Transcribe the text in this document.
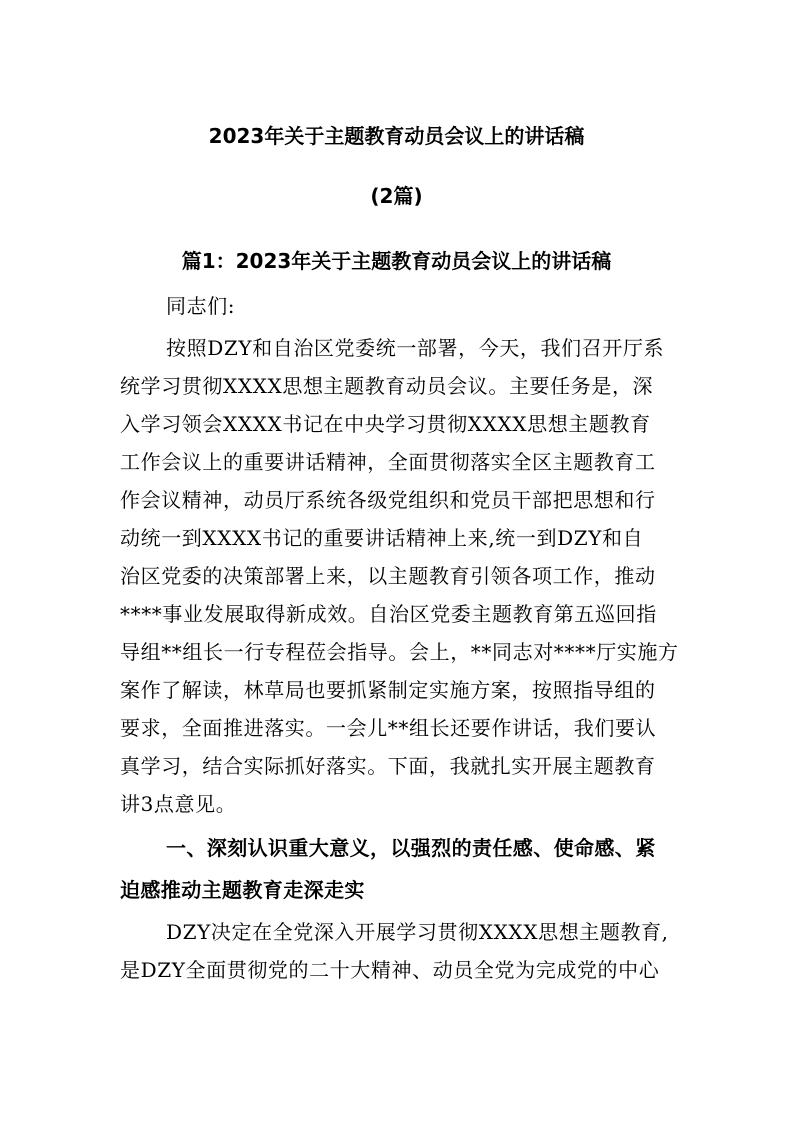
2023年关于主题教育动员会议上的讲话稿
(2篇)
篇1：2023年关于主题教育动员会议上的讲话稿
同志们:
按照DZY和自治区党委统一部署，今天，我们召开厅系
统学习贯彻XXXX思想主题教育动员会议。主要任务是，深
入学习领会XXXX书记在中央学习贯彻XXXX思想主题教育
工作会议上的重要讲话精神，全面贯彻落实全区主题教育工
作会议精神，动员厅系统各级党组织和党员干部把思想和行
动统一到XXXX书记的重要讲话精神上来,统一到DZY和自
治区党委的决策部署上来，以主题教育引领各项工作，推动
****事业发展取得新成效。自治区党委主题教育第五巡回指
导组**组长一行专程莅会指导。会上，**同志对****厅实施方
案作了解读，林草局也要抓紧制定实施方案，按照指导组的
要求，全面推进落实。一会儿**组长还要作讲话，我们要认
真学习，结合实际抓好落实。下面，我就扎实开展主题教育
讲3点意见。
一、深刻认识重大意义，以强烈的责任感、使命感、紧
迫感推动主题教育走深走实
DZY决定在全党深入开展学习贯彻XXXX思想主题教育,
是DZY全面贯彻党的二十大精神、动员全党为完成党的中心
